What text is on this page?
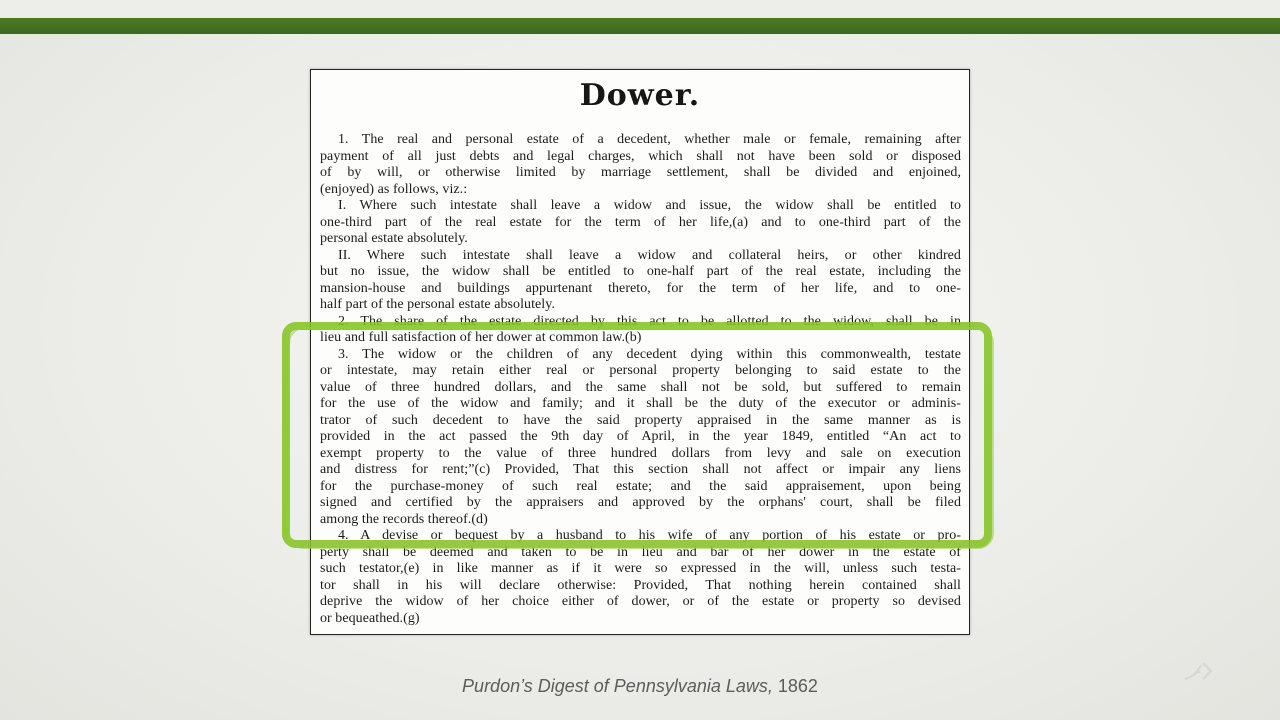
Dower.
1. The real and personal estate of a decedent, whether male or female, remaining after
payment of all just debts and legal charges, which shall not have been sold or disposed
of by will, or otherwise limited by marriage settlement, shall be divided and enjoined,
(enjoyed) as follows, viz.:
I. Where such intestate shall leave a widow and issue, the widow shall be entitled to
one-third part of the real estate for the term of her life,(a) and to one-third part of the
personal estate absolutely.
II. Where such intestate shall leave a widow and collateral heirs, or other kindred
but no issue, the widow shall be entitled to one-half part of the real estate, including the
mansion-house and buildings appurtenant thereto, for the term of her life, and to one-
half part of the personal estate absolutely.
2. The share of the estate directed by this act to be allotted to the widow, shall be in
lieu and full satisfaction of her dower at common law.(b)
3. The widow or the children of any decedent dying within this commonwealth, testate
or intestate, may retain either real or personal property belonging to said estate to the
value of three hundred dollars, and the same shall not be sold, but suffered to remain
for the use of the widow and family; and it shall be the duty of the executor or adminis-
trator of such decedent to have the said property appraised in the same manner as is
provided in the act passed the 9th day of April, in the year 1849, entitled “An act to
exempt property to the value of three hundred dollars from levy and sale on execution
and distress for rent;”(c) Provided, That this section shall not affect or impair any liens
for the purchase-money of such real estate; and the said appraisement, upon being
signed and certified by the appraisers and approved by the orphans' court, shall be filed
among the records thereof.(d)
4. A devise or bequest by a husband to his wife of any portion of his estate or pro-
perty shall be deemed and taken to be in lieu and bar of her dower in the estate of
such testator,(e) in like manner as if it were so expressed in the will, unless such testa-
tor shall in his will declare otherwise: Provided, That nothing herein contained shall
deprive the widow of her choice either of dower, or of the estate or property so devised
or bequeathed.(g)
Purdon’s Digest of Pennsylvania Laws, 1862
